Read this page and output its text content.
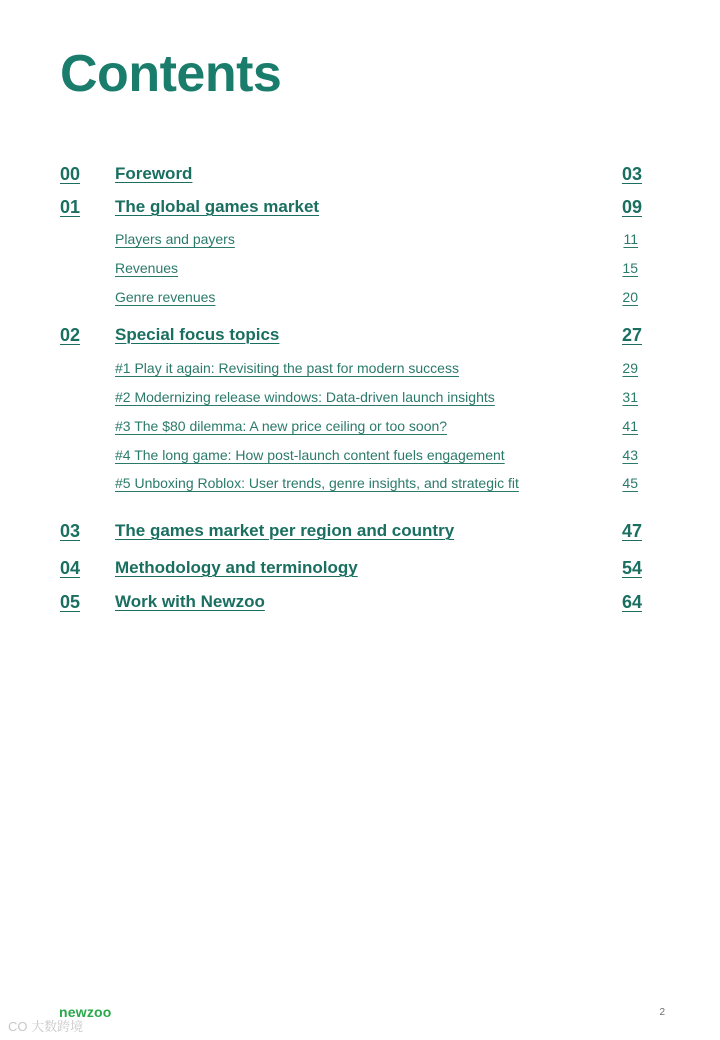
Contents
00 Foreword	03
01 The global games market	09
Players and payers	11
Revenues	15
Genre revenues	20
02 Special focus topics	27
#1 Play it again: Revisiting the past for modern success	29
#2 Modernizing release windows: Data-driven launch insights	31
#3 The $80 dilemma: A new price ceiling or too soon?	41
#4 The long game: How post-launch content fuels engagement	43
#5 Unboxing Roblox: User trends, genre insights, and strategic fit	45
03 The games market per region and country	47
04 Methodology and terminology	54
05 Work with Newzoo	64
newzoo	2
CO 大数跨境
